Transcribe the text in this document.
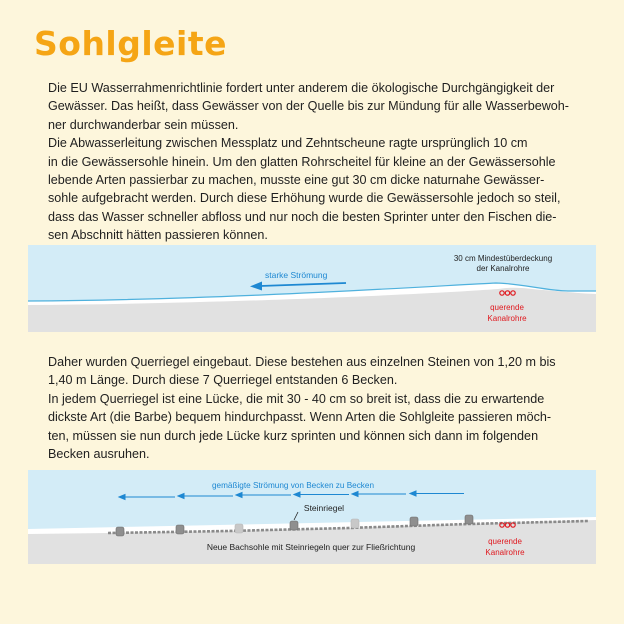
Sohlgleite

Die EU Wasserrahmenrichtlinie fordert unter anderem die ökologische Durchgängigkeit der

Gewässer. Das heißt, dass Gewässer von der Quelle bis zur Mündung für alle Wasserbewoh-

ner durchwanderbar sein müssen.

Die Abwasserleitung zwischen Messplatz und Zehntscheune ragte ursprünglich 10 cm

in die Gewässersohle hinein. Um den glatten Rohrscheitel für kleine an der Gewässersohle

lebende Arten passierbar zu machen, musste eine gut 30 cm dicke naturnahe Gewässer-

sohle aufgebracht werden. Durch diese Erhöhung wurde die Gewässersohle jedoch so steil,

dass das Wasser schneller abfloss und nur noch die besten Sprinter unter den Fischen die-

sen Abschnitt hätten passieren können.

starke Strömung
30 cm Mindestüberdeckung
der Kanalrohre
querende
Kanalrohre

Daher wurden Querriegel eingebaut. Diese bestehen aus einzelnen Steinen von 1,20 m bis

1,40 m Länge. Durch diese 7 Querriegel entstanden 6 Becken.

In jedem Querriegel ist eine Lücke, die mit 30 - 40 cm so breit ist, dass die zu erwartende

dickste Art (die Barbe) bequem hindurchpasst. Wenn Arten die Sohlgleite passieren möch-

ten, müssen sie nun durch jede Lücke kurz sprinten und können sich dann im folgenden

Becken ausruhen.

gemäßigte Strömung von Becken zu Becken
Steinriegel
Neue Bachsohle mit Steinriegeln quer zur Fließrichtung
querende
Kanalrohre
